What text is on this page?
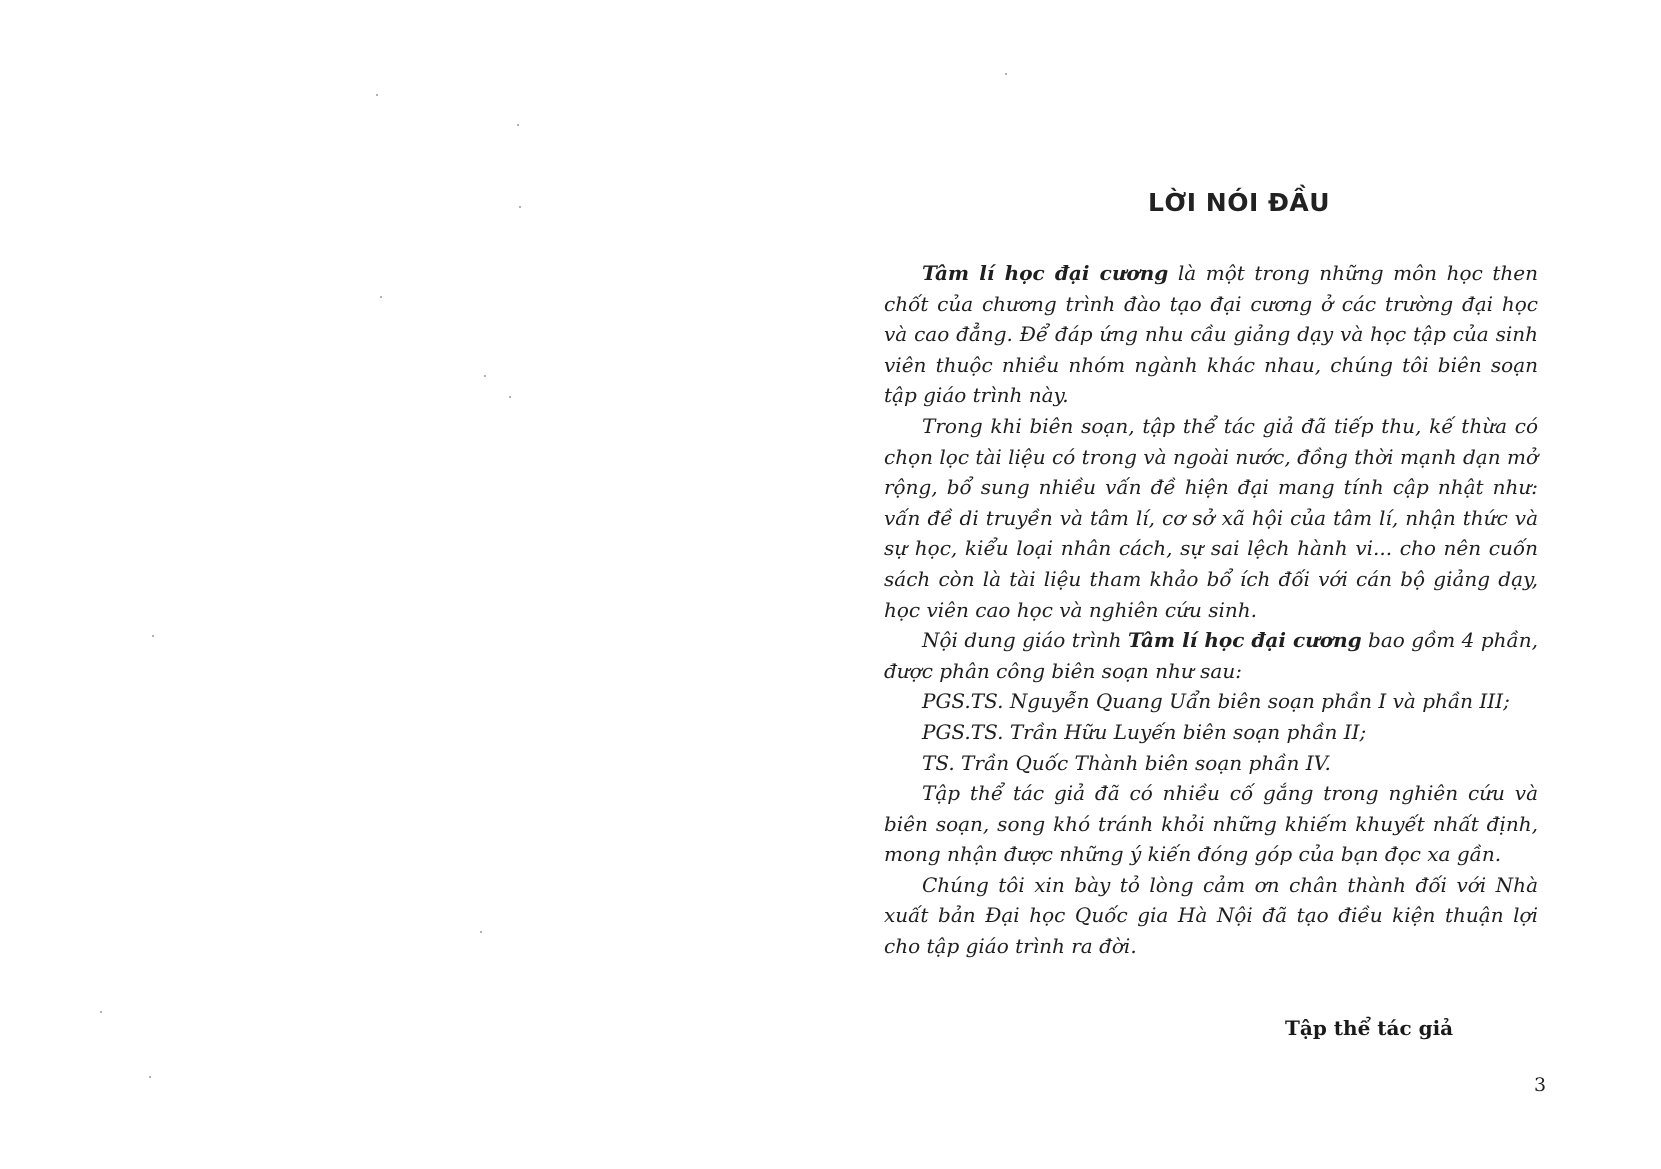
LỜI NÓI ĐẦU

Tâm lí học đại cương là một trong những môn học then chốt của chương trình đào tạo đại cương ở các trường đại học và cao đẳng. Để đáp ứng nhu cầu giảng dạy và học tập của sinh viên thuộc nhiều nhóm ngành khác nhau, chúng tôi biên soạn tập giáo trình này.

Trong khi biên soạn, tập thể tác giả đã tiếp thu, kế thừa có chọn lọc tài liệu có trong và ngoài nước, đồng thời mạnh dạn mở rộng, bổ sung nhiều vấn đề hiện đại mang tính cập nhật như: vấn đề di truyền và tâm lí, cơ sở xã hội của tâm lí, nhận thức và sự học, kiểu loại nhân cách, sự sai lệch hành vi... cho nên cuốn sách còn là tài liệu tham khảo bổ ích đối với cán bộ giảng dạy, học viên cao học và nghiên cứu sinh.

Nội dung giáo trình Tâm lí học đại cương bao gồm 4 phần, được phân công biên soạn như sau:

PGS.TS. Nguyễn Quang Uẩn biên soạn phần I và phần III;

PGS.TS. Trần Hữu Luyến biên soạn phần II;

TS. Trần Quốc Thành biên soạn phần IV.

Tập thể tác giả đã có nhiều cố gắng trong nghiên cứu và biên soạn, song khó tránh khỏi những khiếm khuyết nhất định, mong nhận được những ý kiến đóng góp của bạn đọc xa gần.

Chúng tôi xin bày tỏ lòng cảm ơn chân thành đối với Nhà xuất bản Đại học Quốc gia Hà Nội đã tạo điều kiện thuận lợi cho tập giáo trình ra đời.

Tập thể tác giả
3
